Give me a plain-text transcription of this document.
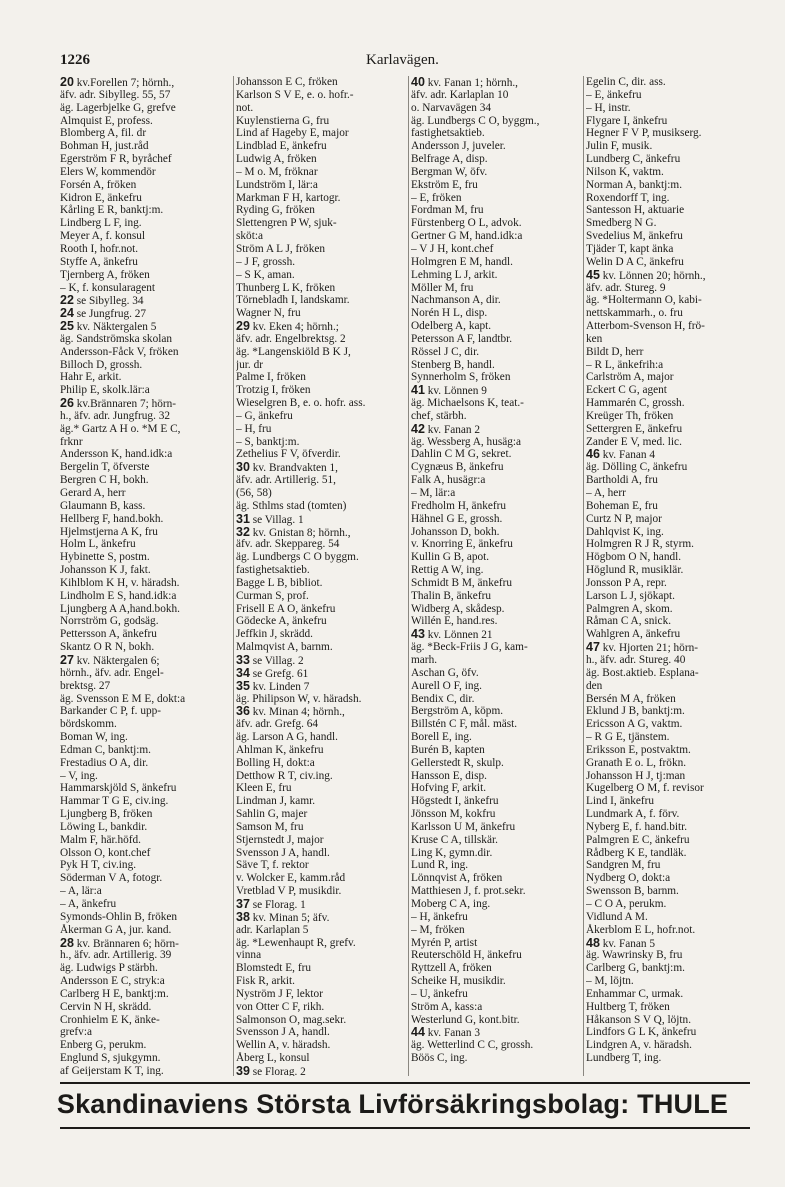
1226	Karlavägen.
20 kv.Forellen 7; hörnh.,
äfv. adr. Sibylleg. 55, 57
äg. Lagerbjelke G, grefve
Almquist E, profess.
Blomberg A, fil. dr
Bohman H, just.råd
Egerström F R, byråchef
Elers W, kommendör
Forsén A, fröken
Kidron E, änkefru
Kårling E R, banktj:m.
Lindberg L F, ing.
Meyer A, f. konsul
Rooth I, hofr.not.
Styffe A, änkefru
Tjernberg A, fröken
– K, f. konsularagent
22 se Sibylleg. 34
24 se Jungfrug. 27
25 kv. Näktergalen 5
äg. Sandströmska skolan
Andersson-Fåck V, fröken
Billoch D, grossh.
Hahr E, arkit.
Philip E, skolk.lär:a
26 kv.Brännaren 7; hörn-
h., äfv. adr. Jungfrug. 32
äg.* Gartz A H o. *M E C,
frknr
Andersson K, hand.idk:a
Bergelin T, öfverste
Bergren C H, bokh.
Gerard A, herr
Glaumann B, kass.
Hellberg F, hand.bokh.
Hjelmstjerna A K, fru
Holm L, änkefru
Hybinette S, postm.
Johansson K J, fakt.
Kihlblom K H, v. häradsh.
Lindholm E S, hand.idk:a
Ljungberg A A,hand.bokh.
Norrström G, godsäg.
Pettersson A, änkefru
Skantz O R N, bokh.
27 kv. Näktergalen 6;
hörnh., äfv. adr. Engel-
brektsg. 27
äg. Svensson E M E, dokt:a
Barkander C P, f. upp-
bördskomm.
Boman W, ing.
Edman C, banktj:m.
Frestadius O A, dir.
– V, ing.
Hammarskjöld S, änkefru
Hammar T G E, civ.ing.
Ljungberg B, fröken
Löwing L, bankdir.
Malm F, här.höfd.
Olsson O, kont.chef
Pyk H T, civ.ing.
Söderman V A, fotogr.
– A, lär:a
– A, änkefru
Symonds-Ohlin B, fröken
Åkerman G A, jur. kand.
28 kv. Brännaren 6; hörn-
h., äfv. adr. Artillerig. 39
äg. Ludwigs P stärbh.
Andersson E C, stryk:a
Carlberg H E, banktj:m.
Cervin N H, skrädd.
Cronhielm E K, änke-
grefv:a
Enberg G, perukm.
Englund S, sjukgymn.
af Geijerstam K T, ing.
Johansson E C, fröken
Karlson S V E, e. o. hofr.-
not.
Kuylenstierna G, fru
Lind af Hageby E, major
Lindblad E, änkefru
Ludwig A, fröken
– M o. M, fröknar
Lundström I, lär:a
Markman F H, kartogr.
Ryding G, fröken
Slettengren P W, sjuk-
sköt:a
Ström A L J, fröken
– J F, grossh.
– S K, aman.
Thunberg L K, fröken
Törnebladh I, landskamr.
Wagner N, fru
29 kv. Eken 4; hörnh.;
äfv. adr. Engelbrektsg. 2
äg. *Langenskiöld B K J,
jur. dr
Palme I, fröken
Trotzig I, fröken
Wieselgren B, e. o. hofr. ass.
– G, änkefru
– H, fru
– S, banktj:m.
Zethelius F V, öfverdir.
30 kv. Brandvakten 1,
äfv. adr. Artillerig. 51,
(56, 58)
äg. Sthlms stad (tomten)
31 se Villag. 1
32 kv. Gnistan 8; hörnh.,
äfv. adr. Skeppareg. 54
äg. Lundbergs C O byggm.
fastighetsaktieb.
Bagge L B, bibliot.
Curman S, prof.
Frisell E A O, änkefru
Gödecke A, änkefru
Jeffkin J, skrädd.
Malmqvist A, barnm.
33 se Villag. 2
34 se Grefg. 61
35 kv. Linden 7
äg. Philipson W, v. häradsh.
36 kv. Minan 4; hörnh.,
äfv. adr. Grefg. 64
äg. Larson A G, handl.
Ahlman K, änkefru
Bolling H, dokt:a
Detthow R T, civ.ing.
Kleen E, fru
Lindman J, kamr.
Sahlin G, majer
Samson M, fru
Stjernstedt J, major
Svensson J A, handl.
Säve T, f. rektor
v. Wolcker E, kamm.råd
Vretblad V P, musikdir.
37 se Florag. 1
38 kv. Minan 5; äfv.
adr. Karlaplan 5
äg. *Lewenhaupt R, grefv.
vinna
Blomstedt E, fru
Fisk R, arkit.
Nyström J F, lektor
von Otter C F, rikh.
Salmonson O, mag.sekr.
Svensson J A, handl.
Wellin A, v. häradsh.
Åberg L, konsul
39 se Florag. 2
40 kv. Fanan 1; hörnh.,
äfv. adr. Karlaplan 10
o. Narvavägen 34
äg. Lundbergs C O, byggm.,
fastighetsaktieb.
Andersson J, juveler.
Belfrage A, disp.
Bergman W, öfv.
Ekström E, fru
– E, fröken
Fordman M, fru
Fürstenberg O L, advok.
Gertner G M, hand.idk:a
– V J H, kont.chef
Holmgren E M, handl.
Lehming L J, arkit.
Möller M, fru
Nachmanson A, dir.
Norén H L, disp.
Odelberg A, kapt.
Petersson A F, landtbr.
Rössel J C, dir.
Stenberg B, handl.
Synnerholm S, fröken
41 kv. Lönnen 9
äg. Michaelsons K, teat.-
chef, stärbh.
42 kv. Fanan 2
äg. Wessberg A, husäg:a
Dahlin C M G, sekret.
Cygnæus B, änkefru
Falk A, husägr:a
– M, lär:a
Fredholm H, änkefru
Hähnel G E, grossh.
Johansson D, bokh.
v. Knorring E, änkefru
Kullin G B, apot.
Rettig A W, ing.
Schmidt B M, änkefru
Thalin B, änkefru
Widberg A, skådesp.
Willén E, hand.res.
43 kv. Lönnen 21
äg. *Beck-Friis J G, kam-
marh.
Aschan G, öfv.
Aurell O F, ing.
Bendix C, dir.
Bergström A, köpm.
Billstén C F, mål. mäst.
Borell E, ing.
Burén B, kapten
Gellerstedt R, skulp.
Hansson E, disp.
Hofving F, arkit.
Högstedt I, änkefru
Jönsson M, kokfru
Karlsson U M, änkefru
Kruse C A, tillskär.
Ling K, gymn.dir.
Lund R, ing.
Lönnqvist A, fröken
Matthiesen J, f. prot.sekr.
Moberg C A, ing.
– H, änkefru
– M, fröken
Myrén P, artist
Reuterschöld H, änkefru
Ryttzell A, fröken
Scheike H, musikdir.
– U, änkefru
Ström A, kass:a
Westerlund G, kont.bitr.
44 kv. Fanan 3
äg. Wetterlind C C, grossh.
Böös C, ing.
Egelin C, dir. ass.
– E, änkefru
– H, instr.
Flygare I, änkefru
Hegner F V P, musikserg.
Julin F, musik.
Lundberg C, änkefru
Nilson K, vaktm.
Norman A, banktj:m.
Roxendorff T, ing.
Santesson H, aktuarie
Smedberg N G.
Svedelius M, änkefru
Tjäder T, kapt änka
Welin D A C, änkefru
45 kv. Lönnen 20; hörnh.,
äfv. adr. Stureg. 9
äg. *Holtermann O, kabi-
nettskammarh., o. fru
Atterbom-Svenson H, frö-
ken
Bildt D, herr
– R L, änkefrih:a
Carlström A, major
Eckert C G, agent
Hammarén C, grossh.
Kreüger Th, fröken
Settergren E, änkefru
Zander E V, med. lic.
46 kv. Fanan 4
äg. Dölling C, änkefru
Bartholdi A, fru
– A, herr
Boheman E, fru
Curtz N P, major
Dahlqvist K, ing.
Holmgren R J R, styrm.
Högbom O N, handl.
Höglund R, musiklär.
Jonsson P A, repr.
Larson L J, sjökapt.
Palmgren A, skom.
Råman C A, snick.
Wahlgren A, änkefru
47 kv. Hjorten 21; hörn-
h., äfv. adr. Stureg. 40
äg. Bost.aktieb. Esplana-
den
Bersén M A, fröken
Eklund J B, banktj:m.
Ericsson A G, vaktm.
– R G E, tjänstem.
Eriksson E, postvaktm.
Granath E o. L, frökn.
Johansson H J, tj:man
Kugelberg O M, f. revisor
Lind I, änkefru
Lundmark A, f. förv.
Nyberg E, f. hand.bitr.
Palmgren E C, änkefru
Rådberg K E, tandläk.
Sandgren M, fru
Nydberg O, dokt:a
Swensson B, barnm.
– C O A, perukm.
Vidlund A M.
Åkerblom E L, hofr.not.
48 kv. Fanan 5
äg. Wawrinsky B, fru
Carlberg G, banktj:m.
– M, löjtn.
Enhammar C, urmak.
Hultberg T, fröken
Håkanson S V Q, löjtn.
Lindfors G L K, änkefru
Lindgren A, v. häradsh.
Lundberg T, ing.
Skandinaviens Största Livförsäkringsbolag: THULE
